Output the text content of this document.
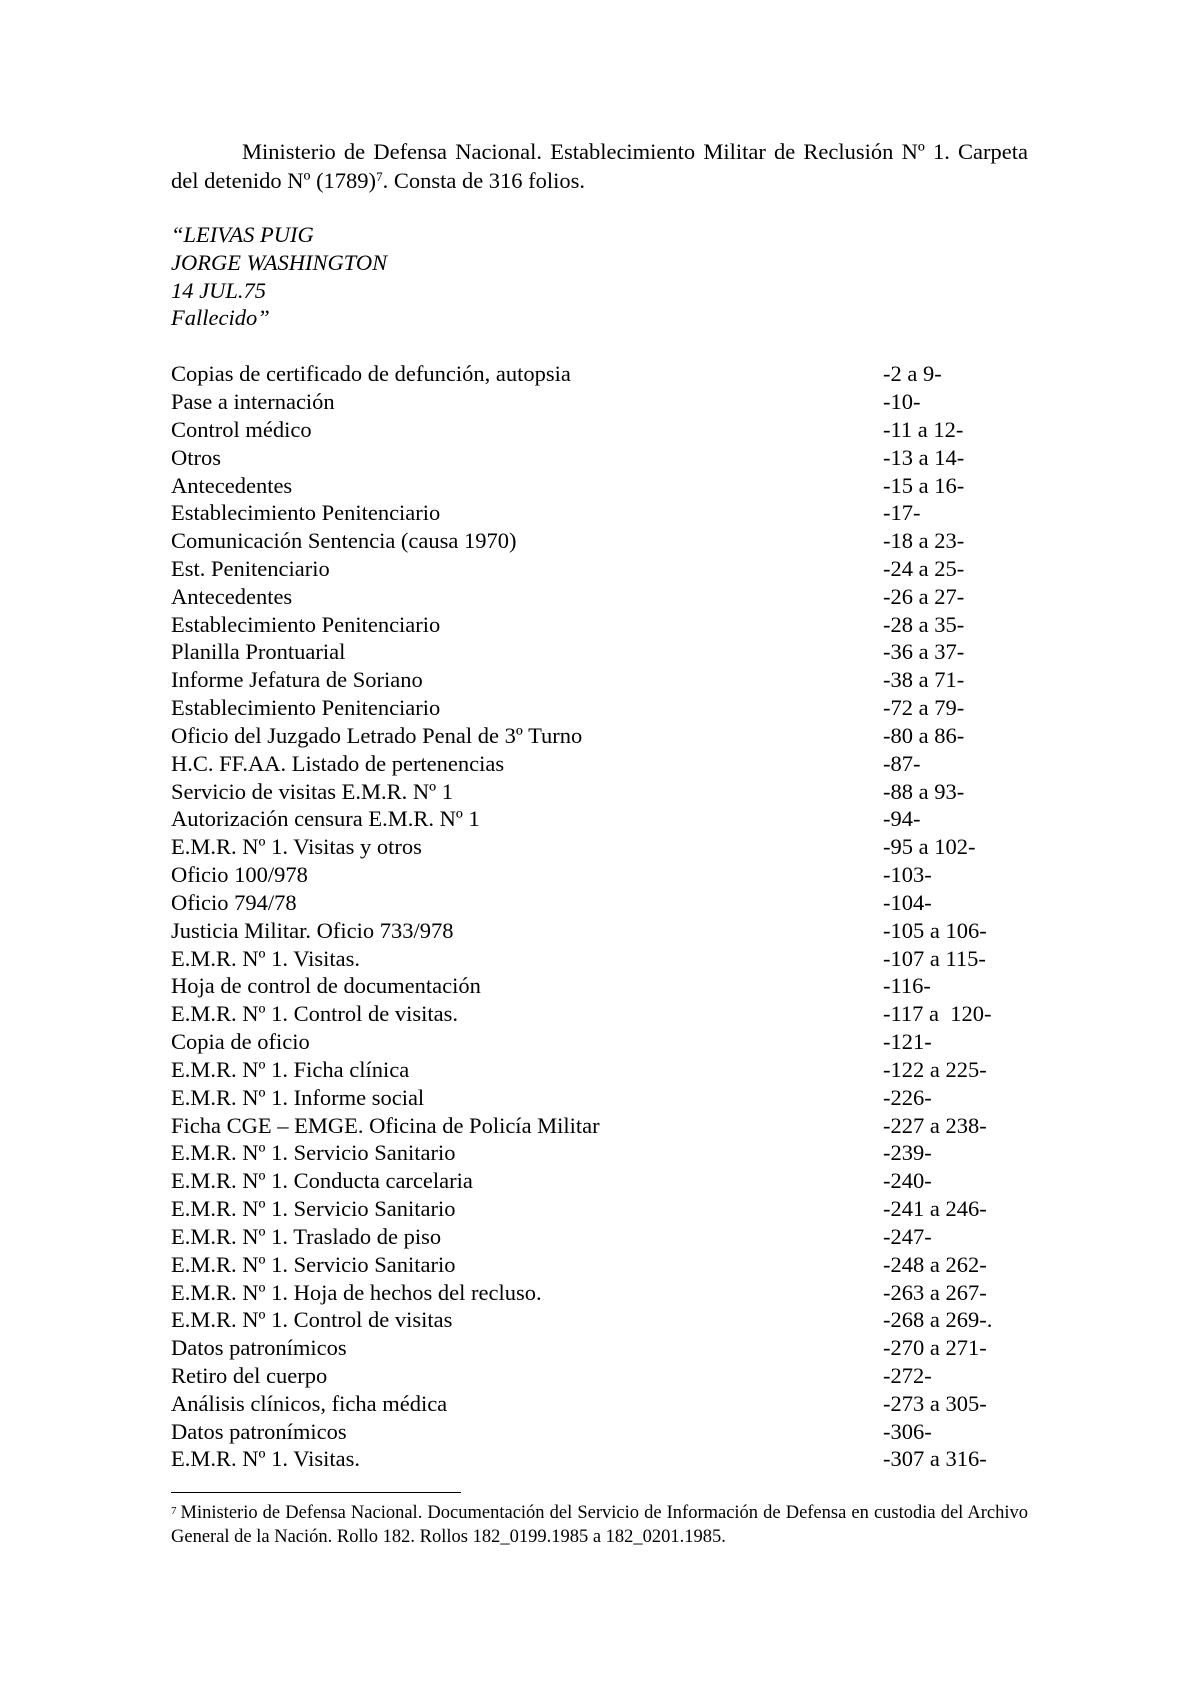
Ministerio de Defensa Nacional. Establecimiento Militar de Reclusión Nº 1. Carpeta del detenido Nº $(1789)^7$. Consta de 316 folios.

“LEIVAS PUIG
JORGE WASHINGTON
14 JUL.75
Fallecido”
Copias de certificado de defunción, autopsia	-2 a 9-
Pase a internación	-10-
Control médico	-11 a 12-
Otros	-13 a 14-
Antecedentes	-15 a 16-
Establecimiento Penitenciario	-17-
Comunicación Sentencia (causa 1970)	-18 a 23-
Est. Penitenciario	-24 a 25-
Antecedentes	-26 a 27-
Establecimiento Penitenciario	-28 a 35-
Planilla Prontuarial	-36 a 37-
Informe Jefatura de Soriano	-38 a 71-
Establecimiento Penitenciario	-72 a 79-
Oficio del Juzgado Letrado Penal de 3º Turno	-80 a 86-
H.C. FF.AA. Listado de pertenencias	-87-
Servicio de visitas E.M.R. Nº 1	-88 a 93-
Autorización censura E.M.R. Nº 1	-94-
E.M.R. Nº 1. Visitas y otros	-95 a 102-
Oficio 100/978	-103-
Oficio 794/78	-104-
Justicia Militar. Oficio 733/978	-105 a 106-
E.M.R. Nº 1. Visitas.	-107 a 115-
Hoja de control de documentación	-116-
E.M.R. Nº 1. Control de visitas.	-117 a  120-
Copia de oficio	-121-
E.M.R. Nº 1. Ficha clínica	-122 a 225-
E.M.R. Nº 1. Informe social	-226-
Ficha CGE – EMGE. Oficina de Policía Militar	-227 a 238-
E.M.R. Nº 1. Servicio Sanitario	-239-
E.M.R. Nº 1. Conducta carcelaria	-240-
E.M.R. Nº 1. Servicio Sanitario	-241 a 246-
E.M.R. Nº 1. Traslado de piso	-247-
E.M.R. Nº 1. Servicio Sanitario	-248 a 262-
E.M.R. Nº 1. Hoja de hechos del recluso.	-263 a 267-
E.M.R. Nº 1. Control de visitas	-268 a 269-.
Datos patronímicos	-270 a 271-
Retiro del cuerpo	-272-
Análisis clínicos, ficha médica	-273 a 305-
Datos patronímicos	-306-
E.M.R. Nº 1. Visitas.	-307 a 316-
$^7$ Ministerio de Defensa Nacional. Documentación del Servicio de Información de Defensa en custodia del Archivo General de la Nación. Rollo 182. Rollos 182_0199.1985 a 182_0201.1985.
